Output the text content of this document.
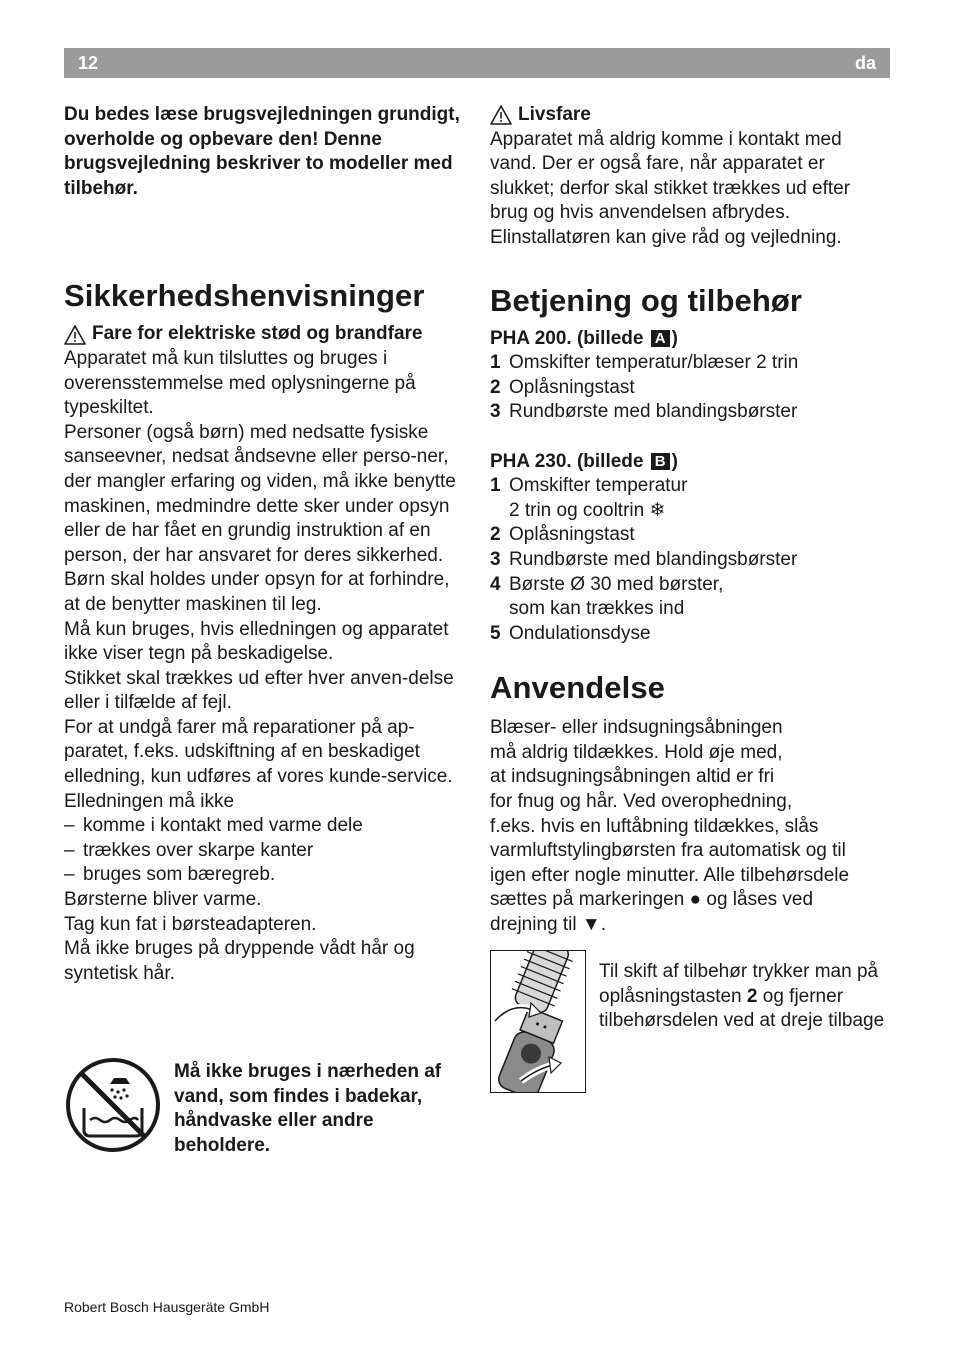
12	da

Du bedes læse brugsvejledningen grundigt, overholde og opbevare den! Denne brugsvejledning beskriver to modeller med tilbehør.

Sikkerhedshenvisninger
Fare for elektriske stød og brandfare

Apparatet må kun tilsluttes og bruges i overensstemmelse med oplysningerne på typeskiltet.

Personer (også børn) med nedsatte fysiske sanseevner, nedsat åndsevne eller perso-ner, der mangler erfaring og viden, må ikke benytte maskinen, medmindre dette sker under opsyn eller de har fået en grundig instruktion af en person, der har ansvaret for deres sikkerhed.

Børn skal holdes under opsyn for at forhindre, at de benytter maskinen til leg.

Må kun bruges, hvis elledningen og apparatet ikke viser tegn på beskadigelse.

Stikket skal trækkes ud efter hver anven-delse eller i tilfælde af fejl.

For at undgå farer må reparationer på ap-paratet, f.eks. udskiftning af en beskadiget elledning, kun udføres af vores kunde-service.

Elledningen må ikke

– komme i kontakt med varme dele
– trækkes over skarpe kanter
– bruges som bæregreb.

Børsterne bliver varme.

Tag kun fat i børsteadapteren.

Må ikke bruges på dryppende vådt hår og syntetisk hår.

Må ikke bruges i nærheden af vand, som findes i badekar, håndvaske eller andre beholdere.
Livsfare

Apparatet må aldrig komme i kontakt med vand. Der er også fare, når apparatet er slukket; derfor skal stikket trækkes ud efter brug og hvis anvendelsen afbrydes. Elinstallatøren kan give råd og vejledning.

Betjening og tilbehør

PHA 200. (billede A )

1 Omskifter temperatur/blæser 2 trin
2 Oplåsningstast
3 Rundbørste med blandingsbørster

PHA 230. (billede B )

1 Omskifter temperatur
2 trin og cooltrin ❄
2 Oplåsningstast
3 Rundbørste med blandingsbørster
4 Børste Ø 30 med børster,
som kan trækkes ind
5 Ondulationsdyse
Anvendelse
Blæser- eller indsugningsåbningen
må aldrig tildækkes. Hold øje med,
at indsugningsåbningen altid er fri
for fnug og hår. Ved overophedning,
f.eks. hvis en luftåbning tildækkes, slås
varmluftstylingbørsten fra automatisk og til
igen efter nogle minutter. Alle tilbehørsdele
sættes på markeringen ● og låses ved
drejning til ▼.
Til skift af tilbehør trykker man på oplåsningstasten 2 og fjerner tilbehørsdelen ved at dreje tilbage
Robert Bosch Hausgeräte GmbH
